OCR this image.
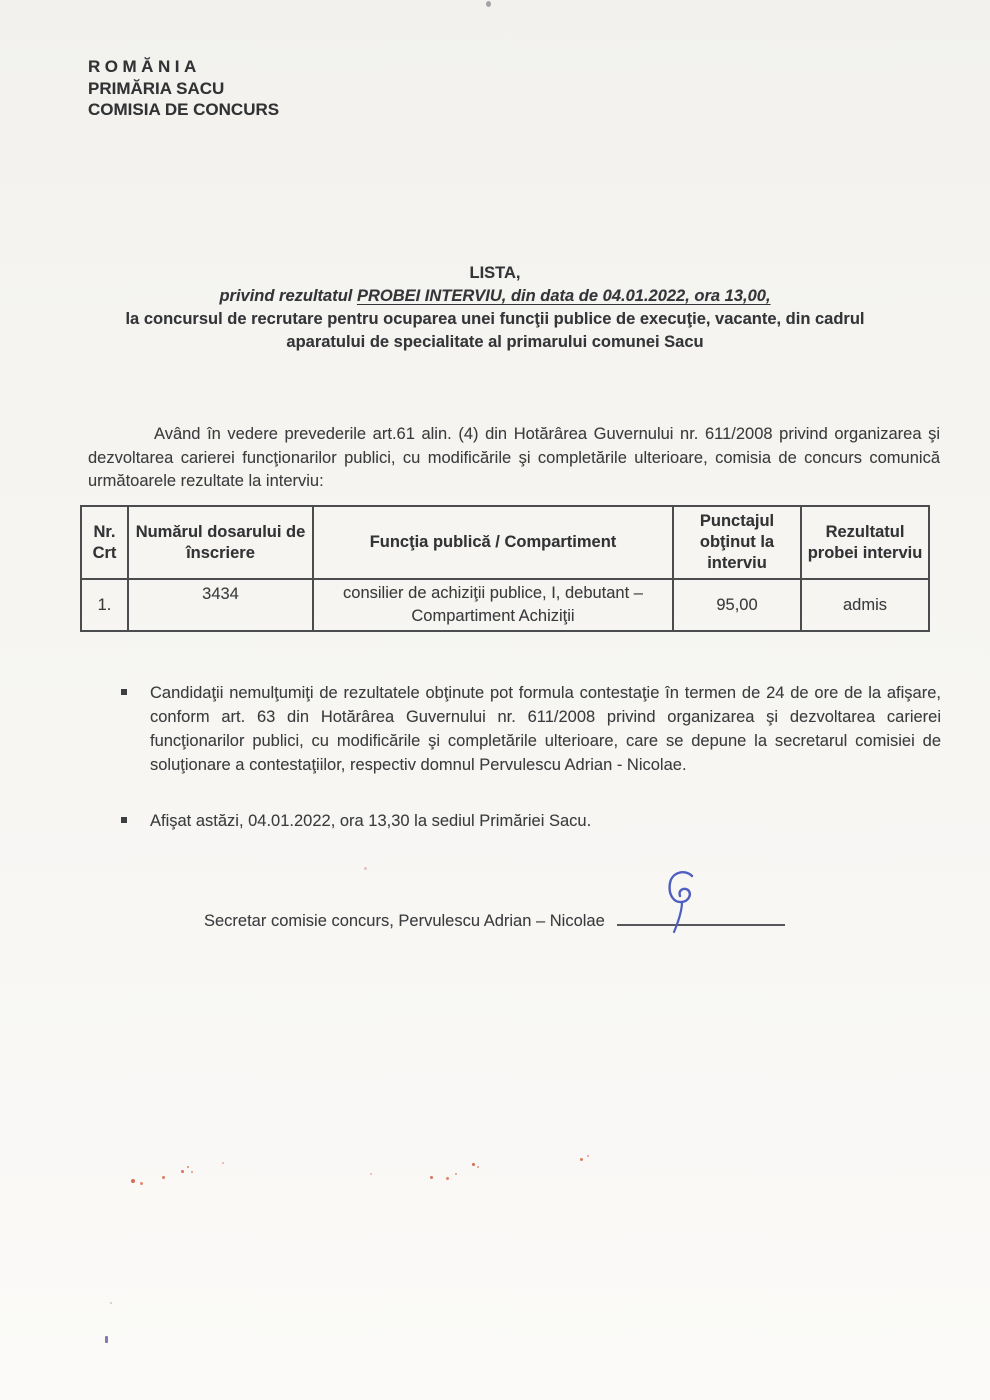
ROMĂNIA
PRIMĂRIA SACU
COMISIA DE CONCURS
LISTA,
privind rezultatul PROBEI INTERVIU, din data de 04.01.2022, ora 13,00,
la concursul de recrutare pentru ocuparea unei funcţii publice de execuţie, vacante, din cadrul
aparatului de specialitate al primarului comunei Sacu

Având în vedere prevederile art.61 alin. (4) din Hotărârea Guvernului nr. 611/2008 privind organizarea şi dezvoltarea carierei funcţionarilor publici, cu modificările şi completările ulterioare, comisia de concurs comunică următoarele rezultate la interviu:

Nr. Crt	Numărul dosarului de înscriere	Funcţia publică / Compartiment	Punctajul obţinut la interviu	Rezultatul probei interviu
1.	3434	consilier de achiziţii publice, I, debutant – Compartiment Achiziţii	95,00	admis

Candidaţii nemulţumiţi de rezultatele obţinute pot formula contestaţie în termen de 24 de ore de la afişare, conform art. 63 din Hotărârea Guvernului nr. 611/2008 privind organizarea şi dezvoltarea carierei funcţionarilor publici, cu modificările şi completările ulterioare, care se depune la secretarul comisiei de soluţionare a contestaţiilor, respectiv domnul Pervulescu Adrian - Nicolae.

Afişat astăzi, 04.01.2022, ora 13,30 la sediul Primăriei Sacu.

Secretar comisie concurs, Pervulescu Adrian – Nicolae
